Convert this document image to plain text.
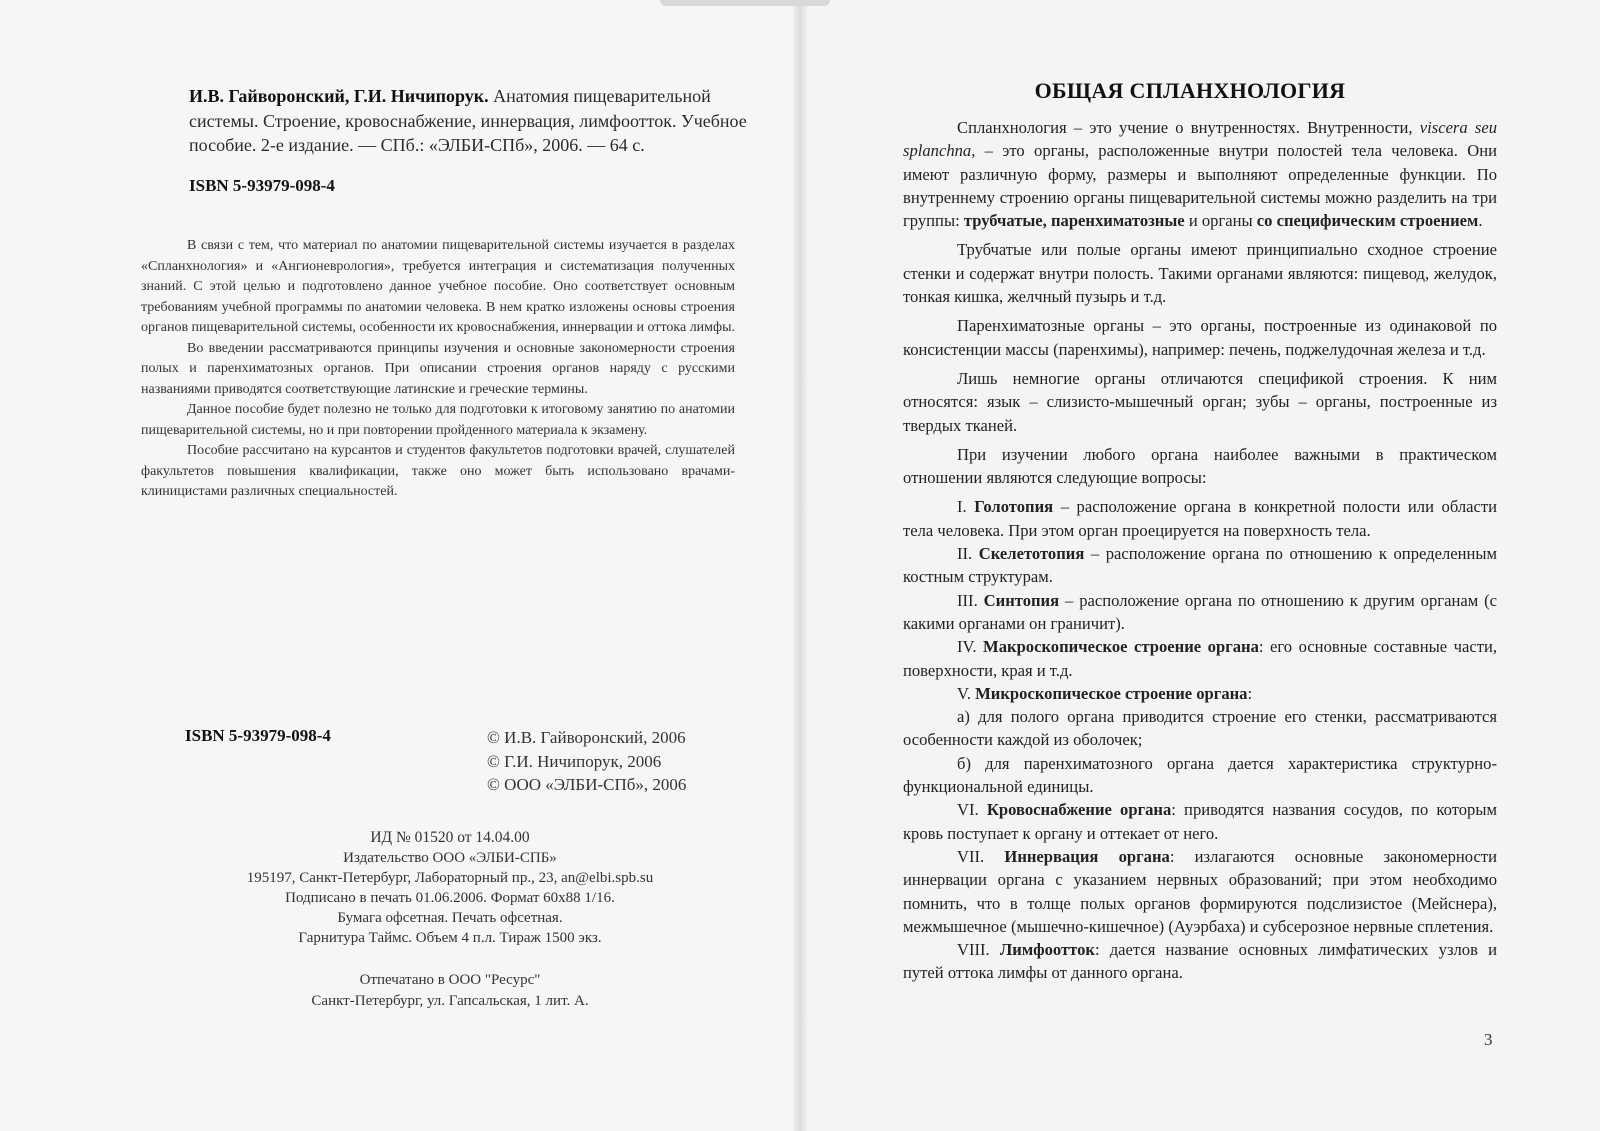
И.В. Гайворонский, Г.И. Ничипорук. Анатомия пищеварительной системы. Строение, кровоснабжение, иннервация, лимфоотток. Учебное пособие. 2-е издание. — СПб.: «ЭЛБИ-СПб», 2006. — 64 с.
ISBN 5-93979-098-4

В связи с тем, что материал по анатомии пищеварительной системы изучается в разделах «Спланхнология» и «Ангионеврология», требуется интеграция и систематизация полученных знаний. С этой целью и подготовлено данное учебное пособие. Оно соответствует основным требованиям учебной программы по анатомии человека. В нем кратко изложены основы строения органов пищеварительной системы, особенности их кровоснабжения, иннервации и оттока лимфы.

Во введении рассматриваются принципы изучения и основные закономерности строения полых и паренхиматозных органов. При описании строения органов наряду с русскими названиями приводятся соответствующие латинские и греческие термины.

Данное пособие будет полезно не только для подготовки к итоговому занятию по анатомии пищеварительной системы, но и при повторении пройденного материала к экзамену.

Пособие рассчитано на курсантов и студентов факультетов подготовки врачей, слушателей факультетов повышения квалификации, также оно может быть использовано врачами-клиницистами различных специальностей.

ISBN 5-93979-098-4	© И.В. Гайворонский, 2006
© Г.И. Ничипорук, 2006
© ООО «ЭЛБИ-СПб», 2006
ИД № 01520 от 14.04.00
Издательство ООО «ЭЛБИ-СПБ»
195197, Санкт-Петербург, Лабораторный пр., 23, an@elbi.spb.su
Подписано в печать 01.06.2006. Формат 60х88 1/16.
Бумага офсетная. Печать офсетная.
Гарнитура Таймс. Объем 4 п.л. Тираж 1500 экз.
Отпечатано в ООО "Ресурс"
Санкт-Петербург, ул. Гапсальская, 1 лит. А.
ОБЩАЯ СПЛАНХНОЛОГИЯ

Спланхнология – это учение о внутренностях. Внутренности, viscera seu splanchna, – это органы, расположенные внутри полостей тела человека. Они имеют различную форму, размеры и выполняют определенные функции. По внутреннему строению органы пищеварительной системы можно разделить на три группы: трубчатые, паренхиматозные и органы со специфическим строением.

Трубчатые или полые органы имеют принципиально сходное строение стенки и содержат внутри полость. Такими органами являются: пищевод, желудок, тонкая кишка, желчный пузырь и т.д.

Паренхиматозные органы – это органы, построенные из одинаковой по консистенции массы (паренхимы), например: печень, поджелудочная железа и т.д.

Лишь немногие органы отличаются спецификой строения. К ним относятся: язык – слизисто-мышечный орган; зубы – органы, построенные из твердых тканей.

При изучении любого органа наиболее важными в практическом отношении являются следующие вопросы:

I. Голотопия – расположение органа в конкретной полости или области тела человека. При этом орган проецируется на поверхность тела.

II. Скелетотопия – расположение органа по отношению к определенным костным структурам.

III. Синтопия – расположение органа по отношению к другим органам (с какими органами он граничит).

IV. Макроскопическое строение органа: его основные составные части, поверхности, края и т.д.

V. Микроскопическое строение органа:

а) для полого органа приводится строение его стенки, рассматриваются особенности каждой из оболочек;

б) для паренхиматозного органа дается характеристика структурно-функциональной единицы.

VI. Кровоснабжение органа: приводятся названия сосудов, по которым кровь поступает к органу и оттекает от него.

VII. Иннервация органа: излагаются основные закономерности иннервации органа с указанием нервных образований; при этом необходимо помнить, что в толще полых органов формируются подслизистое (Мейснера), межмышечное (мышечно-кишечное) (Ауэрбаха) и субсерозное нервные сплетения.

VIII. Лимфоотток: дается название основных лимфатических узлов и путей оттока лимфы от данного органа.

3
